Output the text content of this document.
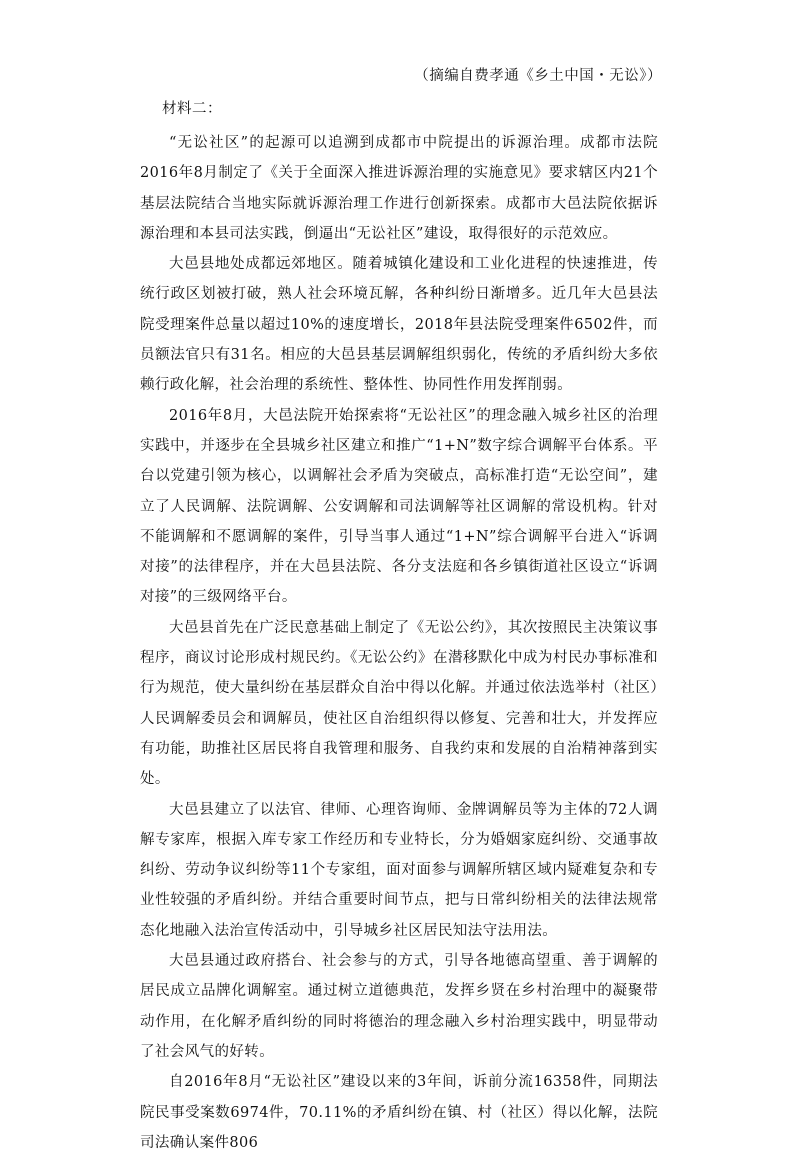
（摘编自费孝通《乡土中国・无讼》）
材料二：

“无讼社区”的起源可以追溯到成都市中院提出的诉源治理。成都市法院2016年8月制定了《关于全面深入推进诉源治理的实施意见》要求辖区内21个基层法院结合当地实际就诉源治理工作进行创新探索。成都市大邑法院依据诉源治理和本县司法实践，倒逼出“无讼社区”建设，取得很好的示范效应。

大邑县地处成都远郊地区。随着城镇化建设和工业化进程的快速推进，传统行政区划被打破，熟人社会环境瓦解，各种纠纷日渐增多。近几年大邑县法院受理案件总量以超过10%的速度增长，2018年县法院受理案件6502件，而员额法官只有31名。相应的大邑县基层调解组织弱化，传统的矛盾纠纷大多依赖行政化解，社会治理的系统性、整体性、协同性作用发挥削弱。

2016年8月，大邑法院开始探索将“无讼社区”的理念融入城乡社区的治理实践中，并逐步在全县城乡社区建立和推广“1+N”数字综合调解平台体系。平台以党建引领为核心，以调解社会矛盾为突破点，高标准打造“无讼空间”，建立了人民调解、法院调解、公安调解和司法调解等社区调解的常设机构。针对不能调解和不愿调解的案件，引导当事人通过“1+N”综合调解平台进入“诉调对接”的法律程序，并在大邑县法院、各分支法庭和各乡镇街道社区设立“诉调对接”的三级网络平台。

大邑县首先在广泛民意基础上制定了《无讼公约》，其次按照民主决策议事程序，商议讨论形成村规民约。《无讼公约》在潜移默化中成为村民办事标准和行为规范，使大量纠纷在基层群众自治中得以化解。并通过依法选举村（社区）人民调解委员会和调解员，使社区自治组织得以修复、完善和壮大，并发挥应有功能，助推社区居民将自我管理和服务、自我约束和发展的自治精神落到实处。

大邑县建立了以法官、律师、心理咨询师、金牌调解员等为主体的72人调解专家库，根据入库专家工作经历和专业特长，分为婚姻家庭纠纷、交通事故纠纷、劳动争议纠纷等11个专家组，面对面参与调解所辖区域内疑难复杂和专业性较强的矛盾纠纷。并结合重要时间节点，把与日常纠纷相关的法律法规常态化地融入法治宣传活动中，引导城乡社区居民知法守法用法。

大邑县通过政府搭台、社会参与的方式，引导各地德高望重、善于调解的居民成立品牌化调解室。通过树立道德典范，发挥乡贤在乡村治理中的凝聚带动作用，在化解矛盾纠纷的同时将德治的理念融入乡村治理实践中，明显带动了社会风气的好转。

自2016年8月“无讼社区”建设以来的3年间，诉前分流16358件，同期法院民事受案数6974件，70.11%的矛盾纠纷在镇、村（社区）得以化解，法院司法确认案件806
